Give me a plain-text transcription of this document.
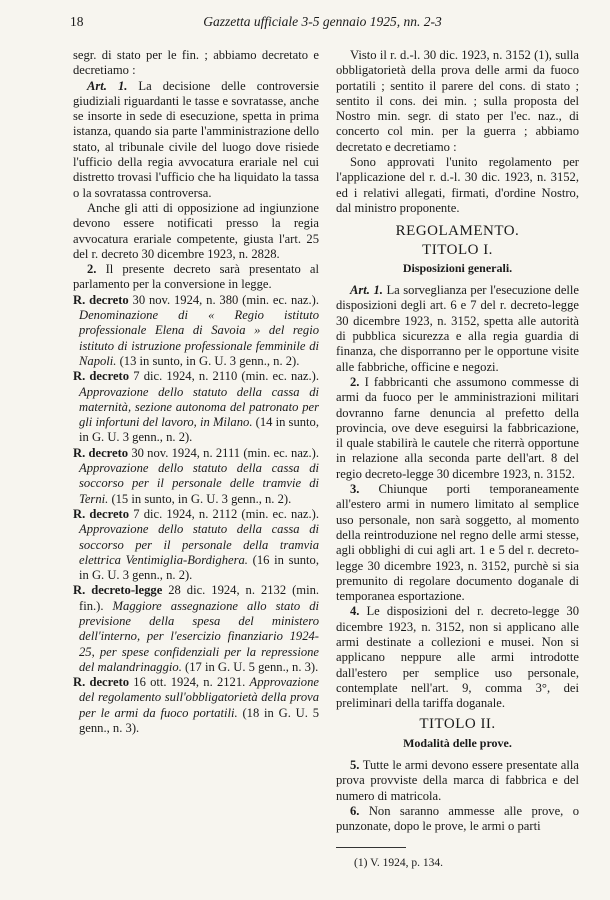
18	Gazzetta ufficiale 3-5 gennaio 1925, nn. 2-3

segr. di stato per le fin. ; abbiamo decretato e decretiamo :

Art. 1. La decisione delle controversie giudiziali riguardanti le tasse e sovratasse, anche se insorte in sede di esecuzione, spetta in prima istanza, quando sia parte l'amministrazione dello stato, al tribunale civile del luogo dove risiede l'ufficio della regia avvocatura erariale nel cui distretto trovasi l'ufficio che ha liquidato la tassa o la sovratassa controversa.

Anche gli atti di opposizione ad ingiunzione devono essere notificati presso la regia avvocatura erariale competente, giusta l'art. 25 del r. decreto 30 dicembre 1923, n. 2828.

2. Il presente decreto sarà presentato al parlamento per la conversione in legge.

R. decreto 30 nov. 1924, n. 380 (min. ec. naz.). Denominazione di « Regio istituto professionale Elena di Savoia » del regio istituto di istruzione professionale femminile di Napoli. (13 in sunto, in G. U. 3 genn., n. 2).

R. decreto 7 dic. 1924, n. 2110 (min. ec. naz.). Approvazione dello statuto della cassa di maternità, sezione autonoma del patronato per gli infortuni del lavoro, in Milano. (14 in sunto, in G. U. 3 genn., n. 2).

R. decreto 30 nov. 1924, n. 2111 (min. ec. naz.). Approvazione dello statuto della cassa di soccorso per il personale delle tramvie di Terni. (15 in sunto, in G. U. 3 genn., n. 2).

R. decreto 7 dic. 1924, n. 2112 (min. ec. naz.). Approvazione dello statuto della cassa di soccorso per il personale della tramvia elettrica Ventimiglia-Bordighera. (16 in sunto, in G. U. 3 genn., n. 2).

R. decreto-legge 28 dic. 1924, n. 2132 (min. fin.). Maggiore assegnazione allo stato di previsione della spesa del ministero dell'interno, per l'esercizio finanziario 1924-25, per spese confidenziali per la repressione del malandrinaggio. (17 in G. U. 5 genn., n. 3).

R. decreto 16 ott. 1924, n. 2121. Approvazione del regolamento sull'obbligatorietà della prova per le armi da fuoco portatili. (18 in G. U. 5 genn., n. 3).

Visto il r. d.-l. 30 dic. 1923, n. 3152 (1), sulla obbligatorietà della prova delle armi da fuoco portatili ; sentito il parere del cons. di stato ; sentito il cons. dei min. ; sulla proposta del Nostro min. segr. di stato per l'ec. naz., di concerto col min. per la guerra ; abbiamo decretato e decretiamo :

Sono approvati l'unito regolamento per l'applicazione del r. d.-l. 30 dic. 1923, n. 3152, ed i relativi allegati, firmati, d'ordine Nostro, dal ministro proponente.

REGOLAMENTO.
TITOLO I.
Disposizioni generali.

Art. 1. La sorveglianza per l'esecuzione delle disposizioni degli art. 6 e 7 del r. decreto-legge 30 dicembre 1923, n. 3152, spetta alle autorità di pubblica sicurezza e alla regia guardia di finanza, che disporranno per le opportune visite alle fabbriche, officine e negozi.

2. I fabbricanti che assumono commesse di armi da fuoco per le amministrazioni militari dovranno farne denuncia al prefetto della provincia, ove deve eseguirsi la fabbricazione, il quale stabilirà le cautele che riterrà opportune in relazione alla seconda parte dell'art. 8 del regio decreto-legge 30 dicembre 1923, n. 3152.

3. Chiunque porti temporaneamente all'estero armi in numero limitato al semplice uso personale, non sarà soggetto, al momento della reintroduzione nel regno delle armi stesse, agli obblighi di cui agli art. 1 e 5 del r. decreto-legge 30 dicembre 1923, n. 3152, purchè si sia premunito di regolare documento doganale di temporanea esportazione.

4. Le disposizioni del r. decreto-legge 30 dicembre 1923, n. 3152, non si applicano alle armi destinate a collezioni e musei. Non si applicano neppure alle armi introdotte dall'estero per semplice uso personale, contemplate nell'art. 9, comma 3°, dei preliminari della tariffa doganale.

TITOLO II.
Modalità delle prove.

5. Tutte le armi devono essere presentate alla prova provviste della marca di fabbrica e del numero di matricola.

6. Non saranno ammesse alle prove, o punzonate, dopo le prove, le armi o parti

(1) V. 1924, p. 134.
